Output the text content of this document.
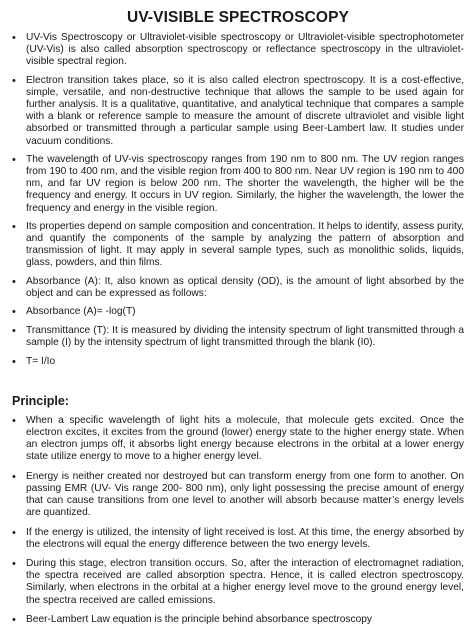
UV-VISIBLE SPECTROSCOPY
• UV-Vis Spectroscopy or Ultraviolet-visible spectroscopy or Ultraviolet-visible spectrophotometer (UV-Vis) is also called absorption spectroscopy or reflectance spectroscopy in the ultraviolet-visible spectral region.
• Electron transition takes place, so it is also called electron spectroscopy. It is a cost-effective, simple, versatile, and non-destructive technique that allows the sample to be used again for further analysis. It is a qualitative, quantitative, and analytical technique that compares a sample with a blank or reference sample to measure the amount of discrete ultraviolet and visible light absorbed or transmitted through a particular sample using Beer-Lambert law. It studies under vacuum conditions.
• The wavelength of UV-vis spectroscopy ranges from 190 nm to 800 nm. The UV region ranges from 190 to 400 nm, and the visible region from 400 to 800 nm. Near UV region is 190 nm to 400 nm, and far UV region is below 200 nm. The shorter the wavelength, the higher will be the frequency and energy. It occurs in UV region. Similarly, the higher the wavelength, the lower the frequency and energy in the visible region.
• Its properties depend on sample composition and concentration. It helps to identify, assess purity, and quantify the components of the sample by analyzing the pattern of absorption and transmission of light. It may apply in several sample types, such as monolithic solids, liquids, glass, powders, and thin films.
• Absorbance (A): It, also known as optical density (OD), is the amount of light absorbed by the object and can be expressed as follows:
• Absorbance (A)= -log(T)
• Transmittance (T): It is measured by dividing the intensity spectrum of light transmitted through a sample (I) by the intensity spectrum of light transmitted through the blank (I0).
• T= I/Io
Principle:
• When a specific wavelength of light hits a molecule, that molecule gets excited. Once the electron excites, it excites from the ground (lower) energy state to the higher energy state. When an electron jumps off, it absorbs light energy because electrons in the orbital at a lower energy state utilize energy to move to a higher energy level.
• Energy is neither created nor destroyed but can transform energy from one form to another. On passing EMR (UV- Vis range 200- 800 nm), only light possessing the precise amount of energy that can cause transitions from one level to another will absorb because matter’s energy levels are quantized.
• If the energy is utilized, the intensity of light received is lost. At this time, the energy absorbed by the electrons will equal the energy difference between the two energy levels.
• During this stage, electron transition occurs. So, after the interaction of electromagnet radiation, the spectra received are called absorption spectra. Hence, it is called electron spectroscopy. Similarly, when electrons in the orbital at a higher energy level move to the ground energy level, the spectra received are called emissions.
• Beer-Lambert Law equation is the principle behind absorbance spectroscopy
